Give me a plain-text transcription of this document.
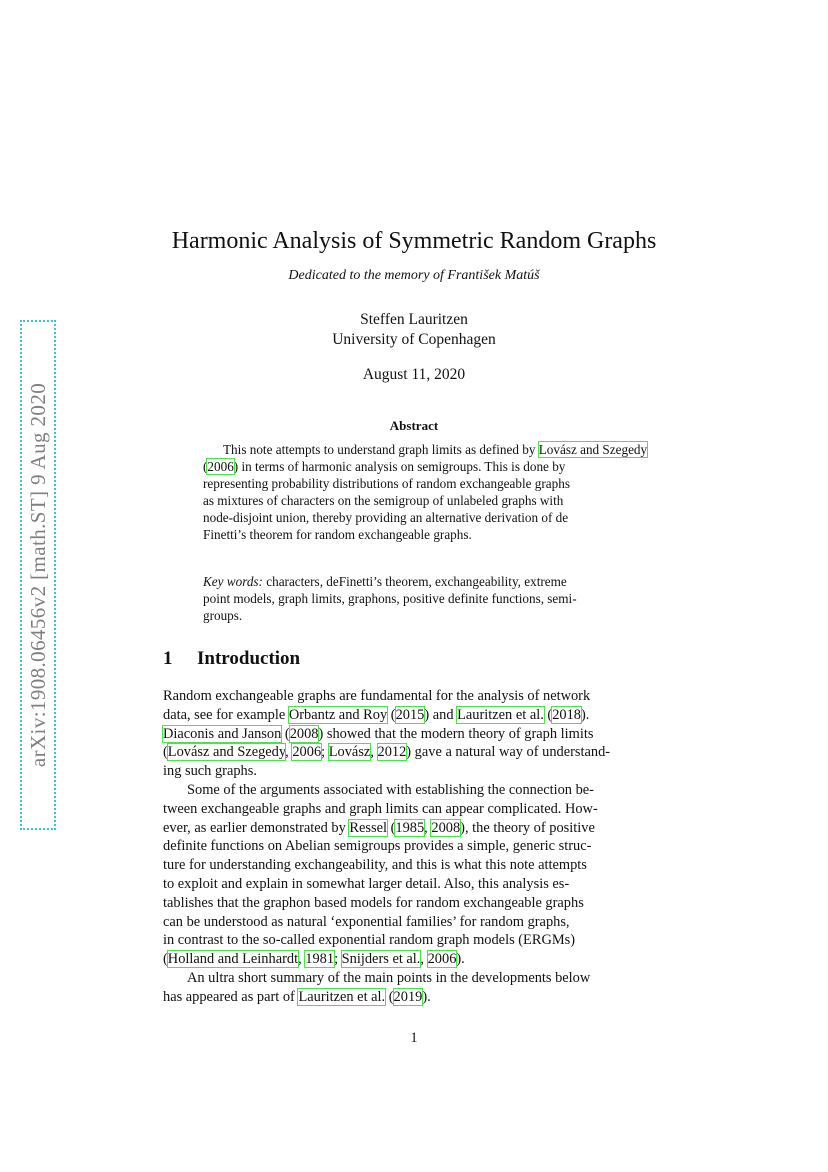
arXiv:1908.06456v2 [math.ST] 9 Aug 2020
Harmonic Analysis of Symmetric Random Graphs
Dedicated to the memory of František Matúš
Steffen Lauritzen
University of Copenhagen
August 11, 2020
Abstract
This note attempts to understand graph limits as defined by Lovász and Szegedy
(2006) in terms of harmonic analysis on semigroups. This is done by
representing probability distributions of random exchangeable graphs
as mixtures of characters on the semigroup of unlabeled graphs with
node-disjoint union, thereby providing an alternative derivation of de
Finetti’s theorem for random exchangeable graphs.
Key words: characters, deFinetti’s theorem, exchangeability, extreme
point models, graph limits, graphons, positive definite functions, semi-
groups.
1 Introduction
Random exchangeable graphs are fundamental for the analysis of network
data, see for example Orbantz and Roy (2015) and Lauritzen et al. (2018).
Diaconis and Janson (2008) showed that the modern theory of graph limits
(Lovász and Szegedy, 2006; Lovász, 2012) gave a natural way of understand-
ing such graphs.
Some of the arguments associated with establishing the connection be-
tween exchangeable graphs and graph limits can appear complicated. How-
ever, as earlier demonstrated by Ressel (1985, 2008), the theory of positive
definite functions on Abelian semigroups provides a simple, generic struc-
ture for understanding exchangeability, and this is what this note attempts
to exploit and explain in somewhat larger detail. Also, this analysis es-
tablishes that the graphon based models for random exchangeable graphs
can be understood as natural ‘exponential families’ for random graphs,
in contrast to the so-called exponential random graph models (ERGMs)
(Holland and Leinhardt, 1981; Snijders et al., 2006).
An ultra short summary of the main points in the developments below
has appeared as part of Lauritzen et al. (2019).
1
